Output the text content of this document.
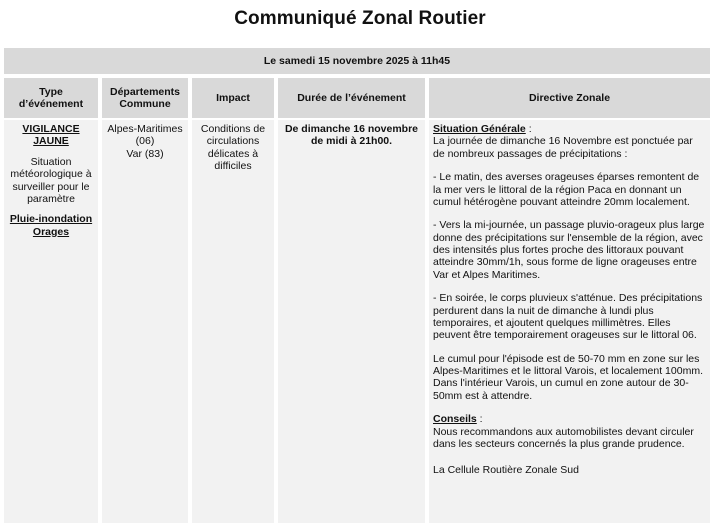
Communiqué Zonal Routier
Le samedi 15 novembre 2025 à 11h45
Type
d’événement
Départements
Commune
Impact	Durée de l’événement	Directive Zonale
VIGILANCE JAUNE
Situation météorologique à surveiller pour le paramètre
Pluie-inondation Orages
Alpes-Maritimes (06)
Var (83)
Conditions de circulations délicates à difficiles
De dimanche 16 novembre de midi à 21h00.

Situation Générale :

La journée de dimanche 16 Novembre est ponctuée par de nombreux passages de précipitations :

- Le matin, des averses orageuses éparses remontent de la mer vers le littoral de la région Paca en donnant un cumul hétérogène pouvant atteindre 20mm localement.

- Vers la mi-journée, un passage pluvio-orageux plus large donne des précipitations sur l'ensemble de la région, avec des intensités plus fortes proche des littoraux pouvant atteindre 30mm/1h, sous forme de ligne orageuses entre Var et Alpes Maritimes.

- En soirée, le corps pluvieux s'atténue. Des précipitations perdurent dans la nuit de dimanche à lundi plus temporaires, et ajoutent quelques millimètres. Elles peuvent être temporairement orageuses sur le littoral 06.

Le cumul pour l'épisode est de 50-70 mm en zone sur les Alpes-Maritimes et le littoral Varois, et localement 100mm. Dans l'intérieur Varois, un cumul en zone autour de 30-50mm est à attendre.

Conseils :

Nous recommandons aux automobilistes devant circuler dans les secteurs concernés la plus grande prudence.

La Cellule Routière Zonale Sud
